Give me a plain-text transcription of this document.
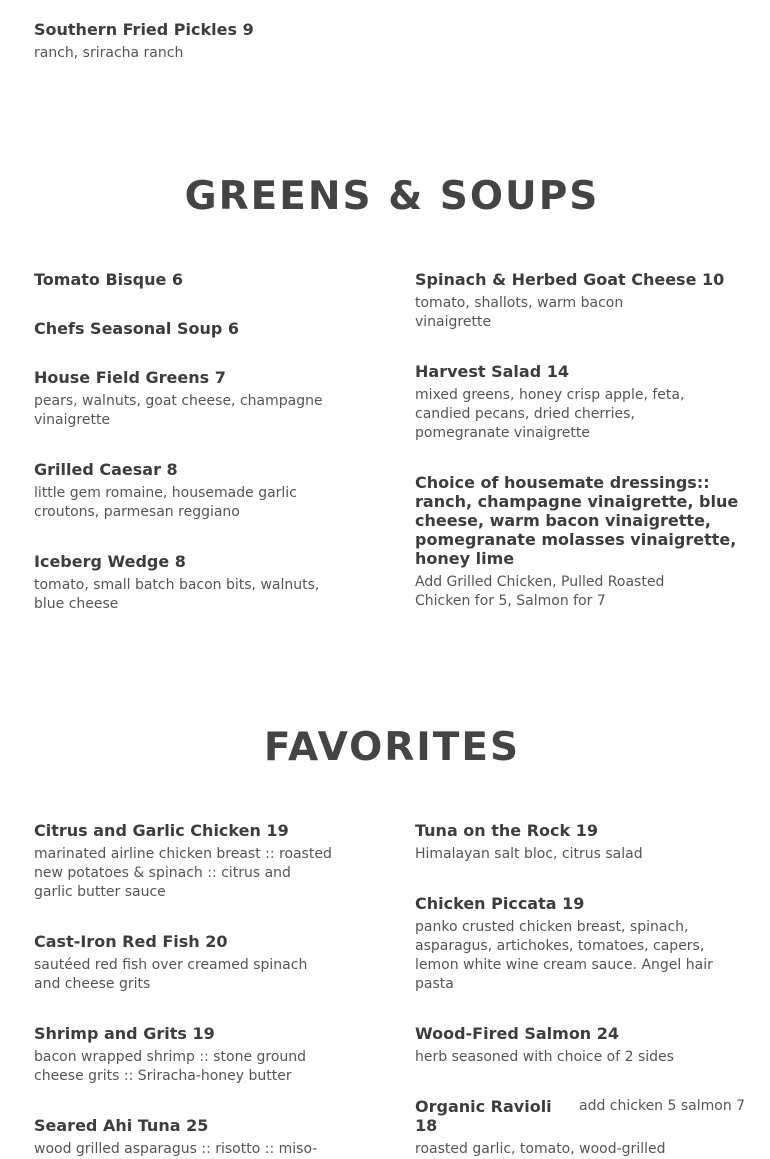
Southern Fried Pickles 9
ranch, sriracha ranch
GREENS & SOUPS
Tomato Bisque 6
Chefs Seasonal Soup 6
House Field Greens 7
pears, walnuts, goat cheese, champagne vinaigrette
Grilled Caesar 8
little gem romaine, housemade garlic croutons, parmesan reggiano
Iceberg Wedge 8
tomato, small batch bacon bits, walnuts, blue cheese
Spinach & Herbed Goat Cheese 10
tomato, shallots, warm bacon vinaigrette
Harvest Salad 14
mixed greens, honey crisp apple, feta, candied pecans, dried cherries, pomegranate vinaigrette
Choice of housemate dressings:: ranch, champagne vinaigrette, blue cheese, warm bacon vinaigrette, pomegranate molasses vinaigrette, honey lime
Add Grilled Chicken, Pulled Roasted Chicken for 5, Salmon for 7
FAVORITES
Citrus and Garlic Chicken 19
marinated airline chicken breast :: roasted new potatoes & spinach :: citrus and garlic butter sauce
Cast-Iron Red Fish 20
sautéed red fish over creamed spinach and cheese grits
Shrimp and Grits 19
bacon wrapped shrimp :: stone ground cheese grits :: Sriracha-honey butter
Seared Ahi Tuna 25
wood grilled asparagus :: risotto :: miso-
Tuna on the Rock 19
Himalayan salt bloc, citrus salad
Chicken Piccata 19
panko crusted chicken breast, spinach, asparagus, artichokes, tomatoes, capers, lemon white wine cream sauce. Angel hair pasta
Wood-Fired Salmon 24
herb seasoned with choice of 2 sides
Organic Ravioli 18
roasted garlic, tomato, wood-grilled
add chicken 5 salmon 7
